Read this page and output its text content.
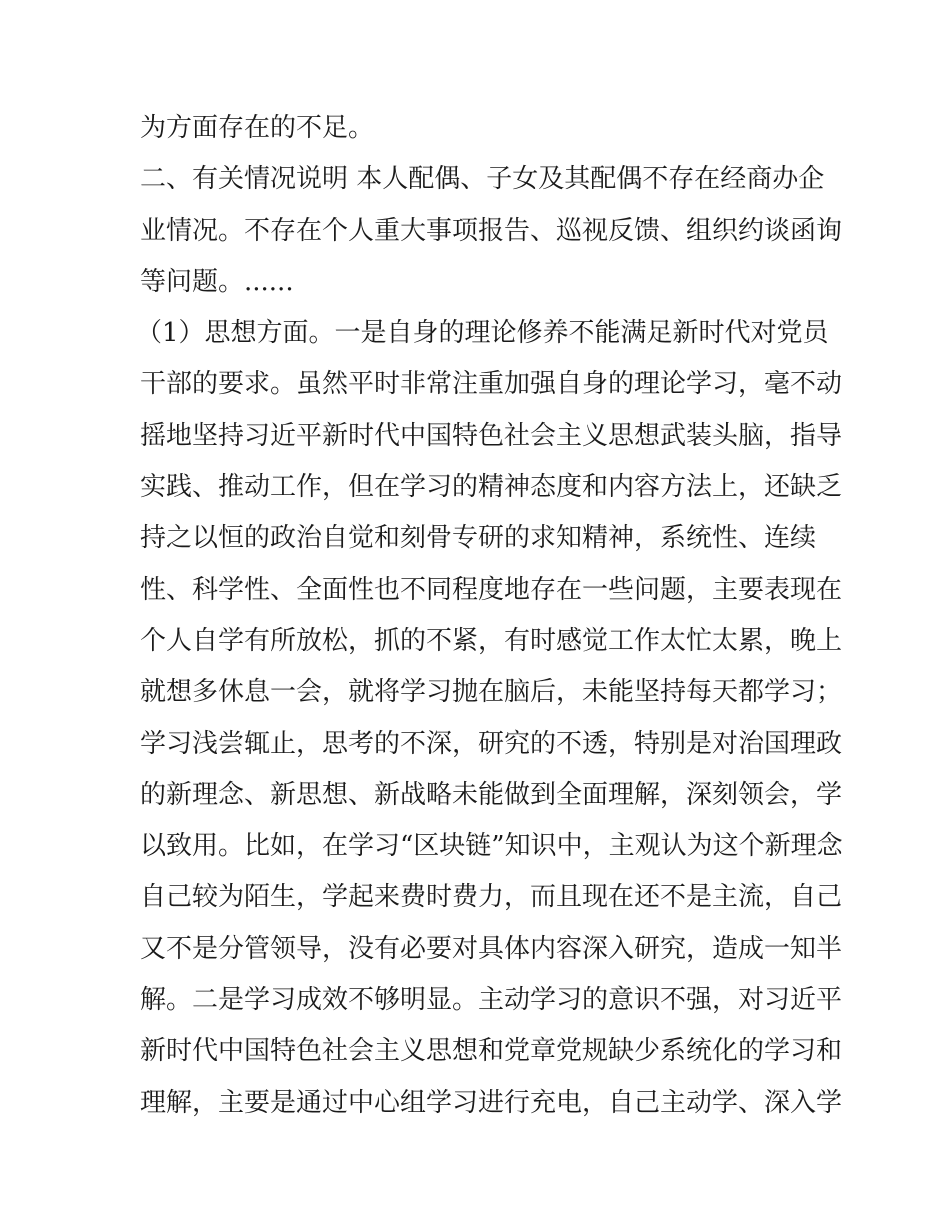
为方面存在的不足。
二、有关情况说明 本人配偶、子女及其配偶不存在经商办企
业情况。不存在个人重大事项报告、巡视反馈、组织约谈函询
等问题。......
（1）思想方面。一是自身的理论修养不能满足新时代对党员
干部的要求。虽然平时非常注重加强自身的理论学习，毫不动
摇地坚持习近平新时代中国特色社会主义思想武装头脑，指导
实践、推动工作，但在学习的精神态度和内容方法上，还缺乏
持之以恒的政治自觉和刻骨专研的求知精神，系统性、连续
性、科学性、全面性也不同程度地存在一些问题，主要表现在
个人自学有所放松，抓的不紧，有时感觉工作太忙太累，晚上
就想多休息一会，就将学习抛在脑后，未能坚持每天都学习；
学习浅尝辄止，思考的不深，研究的不透，特别是对治国理政
的新理念、新思想、新战略未能做到全面理解，深刻领会，学
以致用。比如，在学习“区块链”知识中，主观认为这个新理念
自己较为陌生，学起来费时费力，而且现在还不是主流，自己
又不是分管领导，没有必要对具体内容深入研究，造成一知半
解。二是学习成效不够明显。主动学习的意识不强，对习近平
新时代中国特色社会主义思想和党章党规缺少系统化的学习和
理解，主要是通过中心组学习进行充电，自己主动学、深入学
